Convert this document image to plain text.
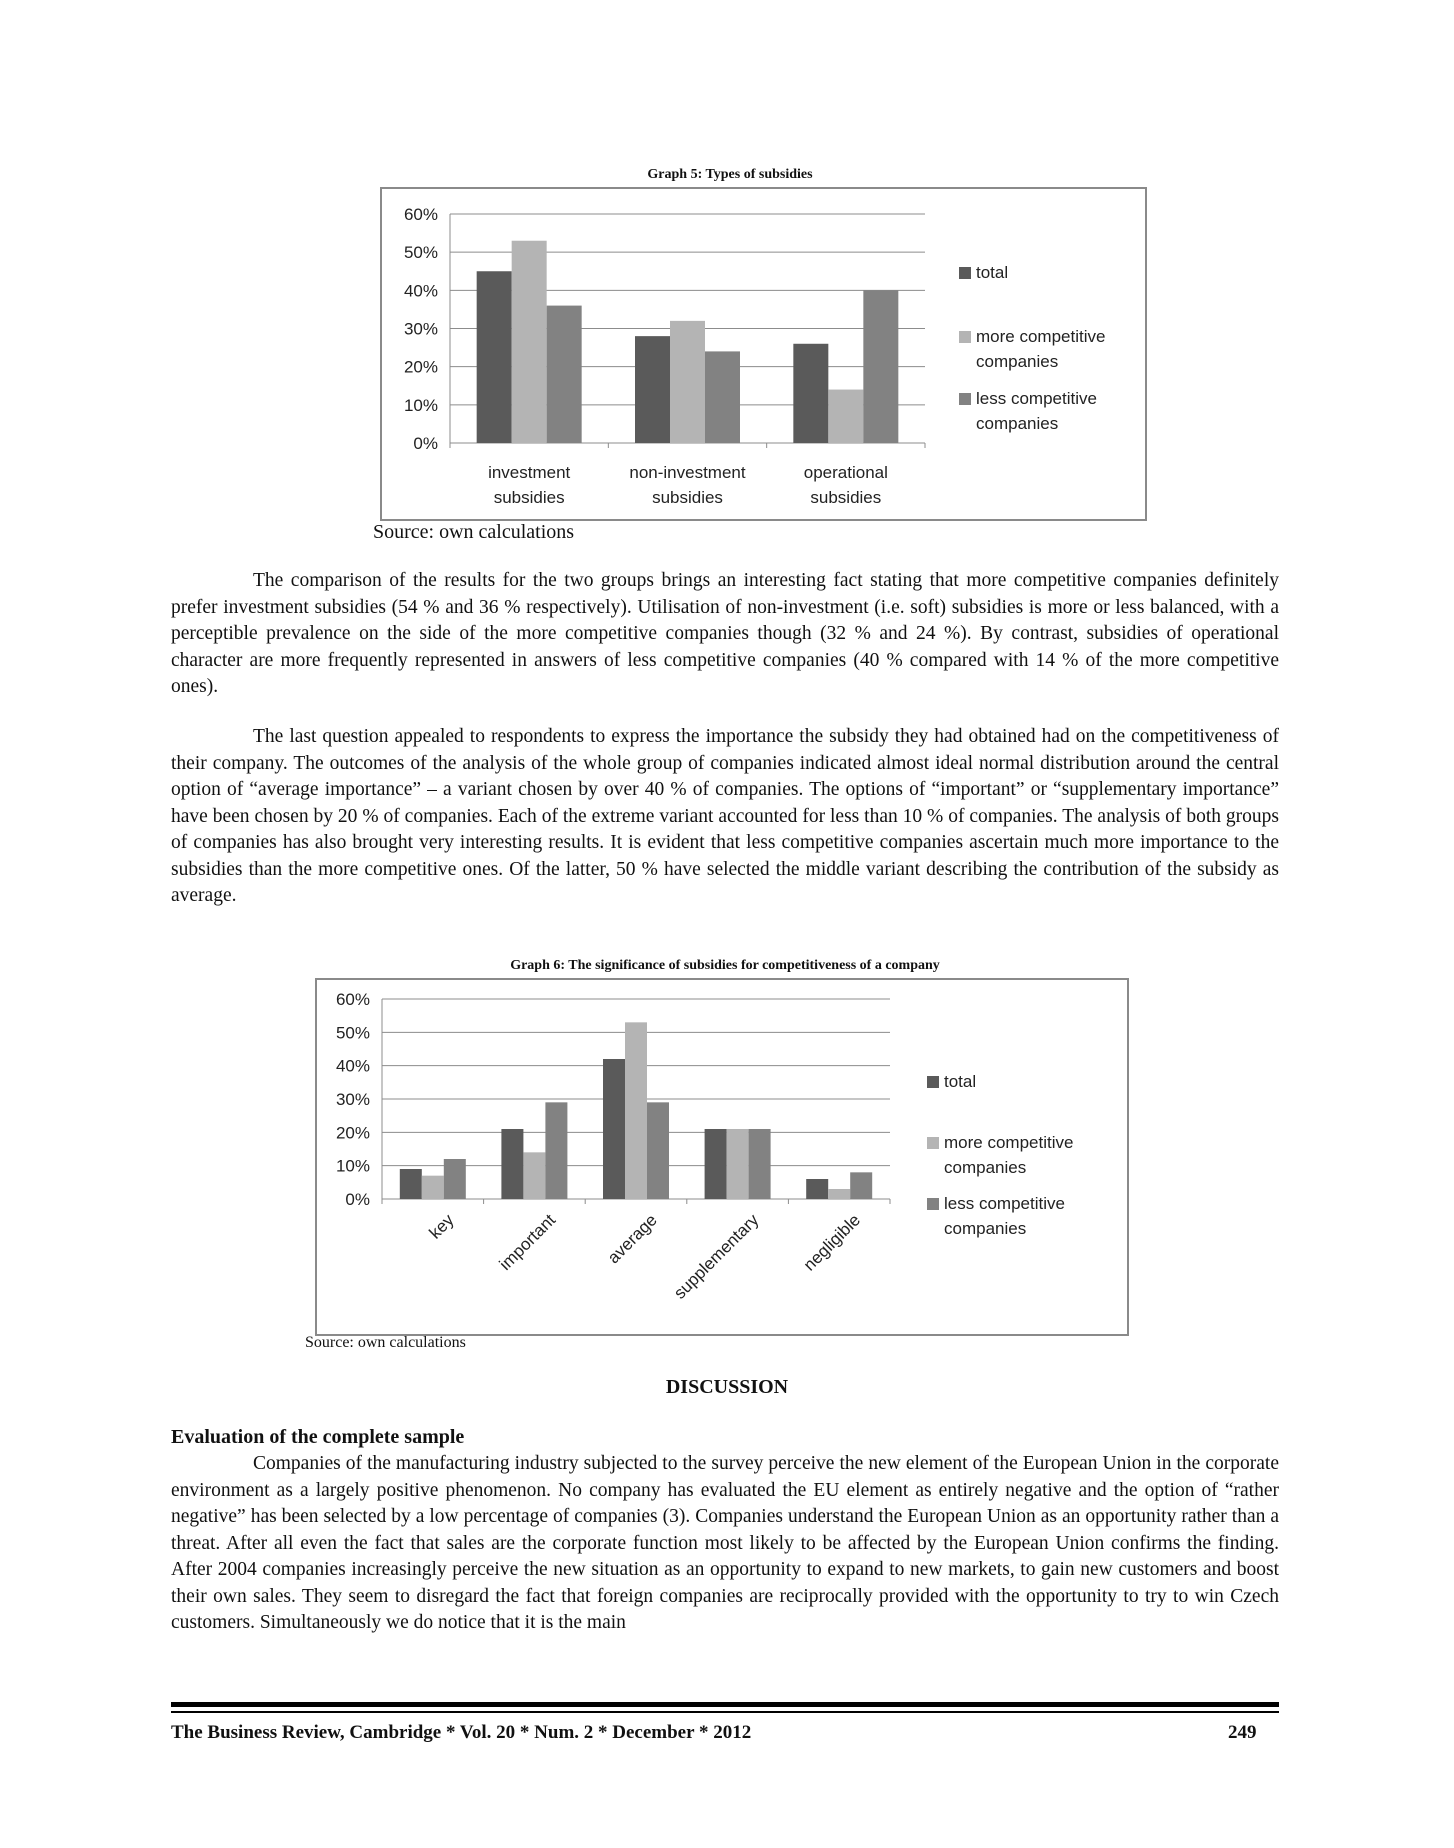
Graph 5: Types of subsidies
0%
10%
20%
30%
40%
50%
60%
investment
subsidies
non-investment
subsidies
operational
subsidies
total
more competitive
companies
less competitive
companies
Source: own calculations

The comparison of the results for the two groups brings an interesting fact stating that more competitive companies definitely prefer investment subsidies (54 % and 36 % respectively). Utilisation of non-investment (i.e. soft) subsidies is more or less balanced, with a perceptible prevalence on the side of the more competitive companies though (32 % and 24 %). By contrast, subsidies of operational character are more frequently represented in answers of less competitive companies (40 % compared with 14 % of the more competitive ones).

The last question appealed to respondents to express the importance the subsidy they had obtained had on the competitiveness of their company. The outcomes of the analysis of the whole group of companies indicated almost ideal normal distribution around the central option of “average importance” – a variant chosen by over 40 % of companies. The options of “important” or “supplementary importance” have been chosen by 20 % of companies. Each of the extreme variant accounted for less than 10 % of companies. The analysis of both groups of companies has also brought very interesting results. It is evident that less competitive companies ascertain much more importance to the subsidies than the more competitive ones. Of the latter, 50 % have selected the middle variant describing the contribution of the subsidy as average.

Graph 6: The significance of subsidies for competitiveness of a company
0%
10%
20%
30%
40%
50%
60%
key important	average supplementary negligible
total
more competitive
companies
less competitive
companies
Source: own calculations
DISCUSSION
Evaluation of the complete sample

Companies of the manufacturing industry subjected to the survey perceive the new element of the European Union in the corporate environment as a largely positive phenomenon. No company has evaluated the EU element as entirely negative and the option of “rather negative” has been selected by a low percentage of companies (3). Companies understand the European Union as an opportunity rather than a threat. After all even the fact that sales are the corporate function most likely to be affected by the European Union confirms the finding. After 2004 companies increasingly perceive the new situation as an opportunity to expand to new markets, to gain new customers and boost their own sales. They seem to disregard the fact that foreign companies are reciprocally provided with the opportunity to try to win Czech customers. Simultaneously we do notice that it is the main

The Business Review, Cambridge * Vol. 20 * Num. 2 * December * 2012	249
